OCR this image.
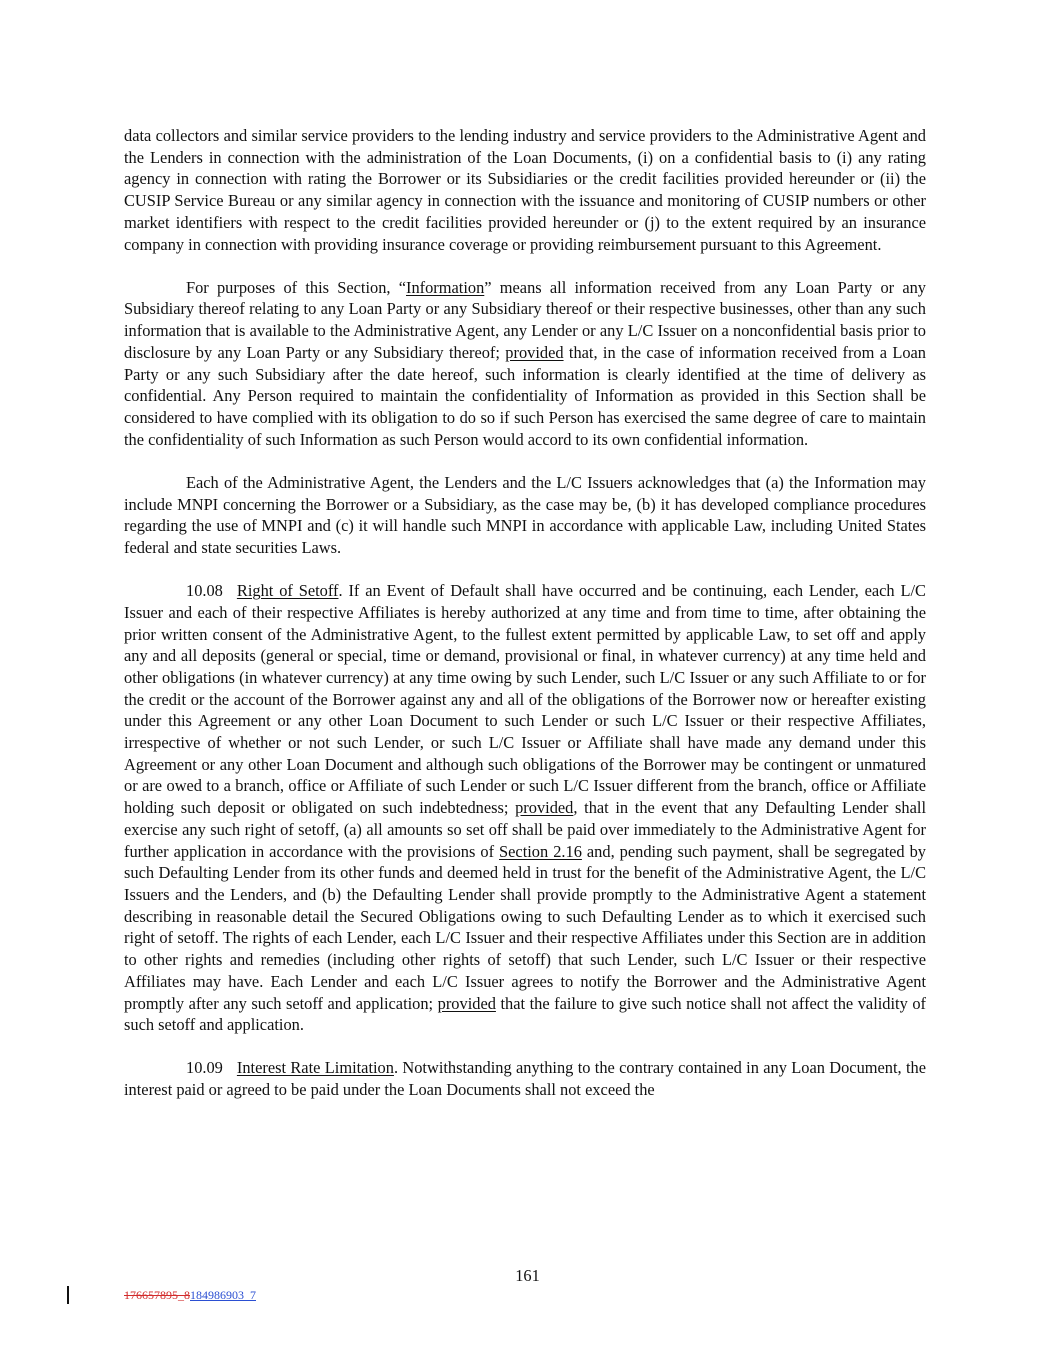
data collectors and similar service providers to the lending industry and service providers to the Administrative Agent and the Lenders in connection with the administration of the Loan Documents, (i) on a confidential basis to (i) any rating agency in connection with rating the Borrower or its Subsidiaries or the credit facilities provided hereunder or (ii) the CUSIP Service Bureau or any similar agency in connection with the issuance and monitoring of CUSIP numbers or other market identifiers with respect to the credit facilities provided hereunder or (j) to the extent required by an insurance company in connection with providing insurance coverage or providing reimbursement pursuant to this Agreement.

For purposes of this Section, “Information” means all information received from any Loan Party or any Subsidiary thereof relating to any Loan Party or any Subsidiary thereof or their respective businesses, other than any such information that is available to the Administrative Agent, any Lender or any L/C Issuer on a nonconfidential basis prior to disclosure by any Loan Party or any Subsidiary thereof; provided that, in the case of information received from a Loan Party or any such Subsidiary after the date hereof, such information is clearly identified at the time of delivery as confidential. Any Person required to maintain the confidentiality of Information as provided in this Section shall be considered to have complied with its obligation to do so if such Person has exercised the same degree of care to maintain the confidentiality of such Information as such Person would accord to its own confidential information.

Each of the Administrative Agent, the Lenders and the L/C Issuers acknowledges that (a) the Information may include MNPI concerning the Borrower or a Subsidiary, as the case may be, (b) it has developed compliance procedures regarding the use of MNPI and (c) it will handle such MNPI in accordance with applicable Law, including United States federal and state securities Laws.

10.08 Right of Setoff. If an Event of Default shall have occurred and be continuing, each Lender, each L/C Issuer and each of their respective Affiliates is hereby authorized at any time and from time to time, after obtaining the prior written consent of the Administrative Agent, to the fullest extent permitted by applicable Law, to set off and apply any and all deposits (general or special, time or demand, provisional or final, in whatever currency) at any time held and other obligations (in whatever currency) at any time owing by such Lender, such L/C Issuer or any such Affiliate to or for the credit or the account of the Borrower against any and all of the obligations of the Borrower now or hereafter existing under this Agreement or any other Loan Document to such Lender or such L/C Issuer or their respective Affiliates, irrespective of whether or not such Lender, or such L/C Issuer or Affiliate shall have made any demand under this Agreement or any other Loan Document and although such obligations of the Borrower may be contingent or unmatured or are owed to a branch, office or Affiliate of such Lender or such L/C Issuer different from the branch, office or Affiliate holding such deposit or obligated on such indebtedness; provided, that in the event that any Defaulting Lender shall exercise any such right of setoff, (a) all amounts so set off shall be paid over immediately to the Administrative Agent for further application in accordance with the provisions of Section 2.16 and, pending such payment, shall be segregated by such Defaulting Lender from its other funds and deemed held in trust for the benefit of the Administrative Agent, the L/C Issuers and the Lenders, and (b) the Defaulting Lender shall provide promptly to the Administrative Agent a statement describing in reasonable detail the Secured Obligations owing to such Defaulting Lender as to which it exercised such right of setoff. The rights of each Lender, each L/C Issuer and their respective Affiliates under this Section are in addition to other rights and remedies (including other rights of setoff) that such Lender, such L/C Issuer or their respective Affiliates may have. Each Lender and each L/C Issuer agrees to notify the Borrower and the Administrative Agent promptly after any such setoff and application; provided that the failure to give such notice shall not affect the validity of such setoff and application.

10.09 Interest Rate Limitation. Notwithstanding anything to the contrary contained in any Loan Document, the interest paid or agreed to be paid under the Loan Documents shall not exceed the

161
176657895_8184986903_7
